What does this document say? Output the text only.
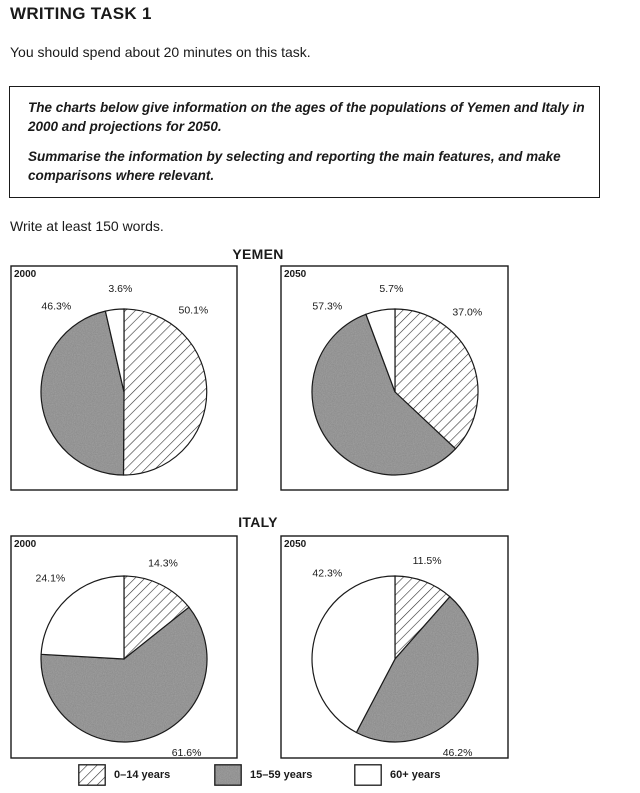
WRITING TASK 1
You should spend about 20 minutes on this task.

The charts below give information on the ages of the populations of Yemen and Italy in 2000 and projections for 2050.

Summarise the information by selecting and reporting the main features, and make comparisons where relevant.

Write at least 150 words.
YEMEN
ITALY
2000
50.1%
46.3%
3.6%
2050
37.0%
57.3%
5.7%
2000
14.3%
61.6%
24.1%
2050
11.5%
46.2%
42.3%
0–14 years	15–59 years	60+ years
